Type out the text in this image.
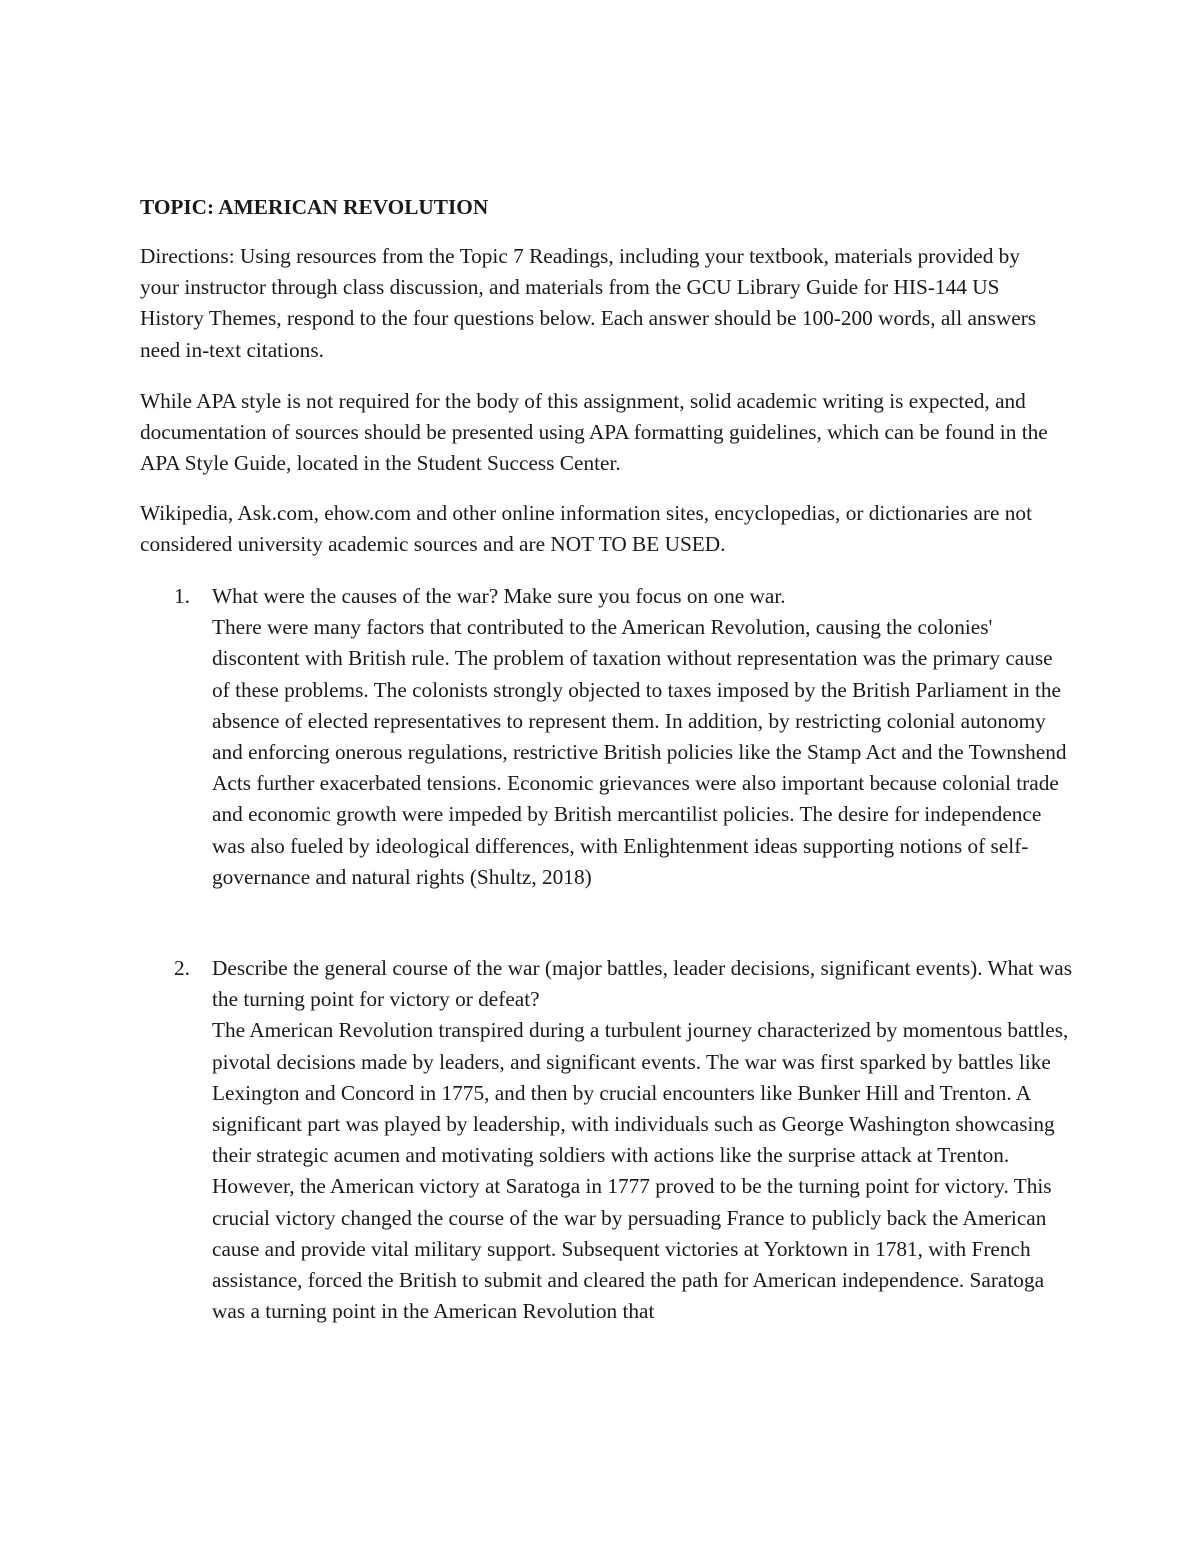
TOPIC: AMERICAN REVOLUTION

Directions: Using resources from the Topic 7 Readings, including your textbook, materials provided by your instructor through class discussion, and materials from the GCU Library Guide for HIS-144 US History Themes, respond to the four questions below. Each answer should be 100-200 words, all answers need in-text citations.

While APA style is not required for the body of this assignment, solid academic writing is expected, and documentation of sources should be presented using APA formatting guidelines, which can be found in the APA Style Guide, located in the Student Success Center.

Wikipedia, Ask.com, ehow.com and other online information sites, encyclopedias, or dictionaries are not considered university academic sources and are NOT TO BE USED.

1.	What were the causes of the war? Make sure you focus on one war.

There were many factors that contributed to the American Revolution, causing the colonies' discontent with British rule. The problem of taxation without representation was the primary cause of these problems. The colonists strongly objected to taxes imposed by the British Parliament in the absence of elected representatives to represent them. In addition, by restricting colonial autonomy and enforcing onerous regulations, restrictive British policies like the Stamp Act and the Townshend Acts further exacerbated tensions. Economic grievances were also important because colonial trade and economic growth were impeded by British mercantilist policies. The desire for independence was also fueled by ideological differences, with Enlightenment ideas supporting notions of self-governance and natural rights (Shultz, 2018)

2.	Describe the general course of the war (major battles, leader decisions, significant events). What was the turning point for victory or defeat?

The American Revolution transpired during a turbulent journey characterized by momentous battles, pivotal decisions made by leaders, and significant events. The war was first sparked by battles like Lexington and Concord in 1775, and then by crucial encounters like Bunker Hill and Trenton. A significant part was played by leadership, with individuals such as George Washington showcasing their strategic acumen and motivating soldiers with actions like the surprise attack at Trenton. However, the American victory at Saratoga in 1777 proved to be the turning point for victory. This crucial victory changed the course of the war by persuading France to publicly back the American cause and provide vital military support. Subsequent victories at Yorktown in 1781, with French assistance, forced the British to submit and cleared the path for American independence. Saratoga was a turning point in the American Revolution that
